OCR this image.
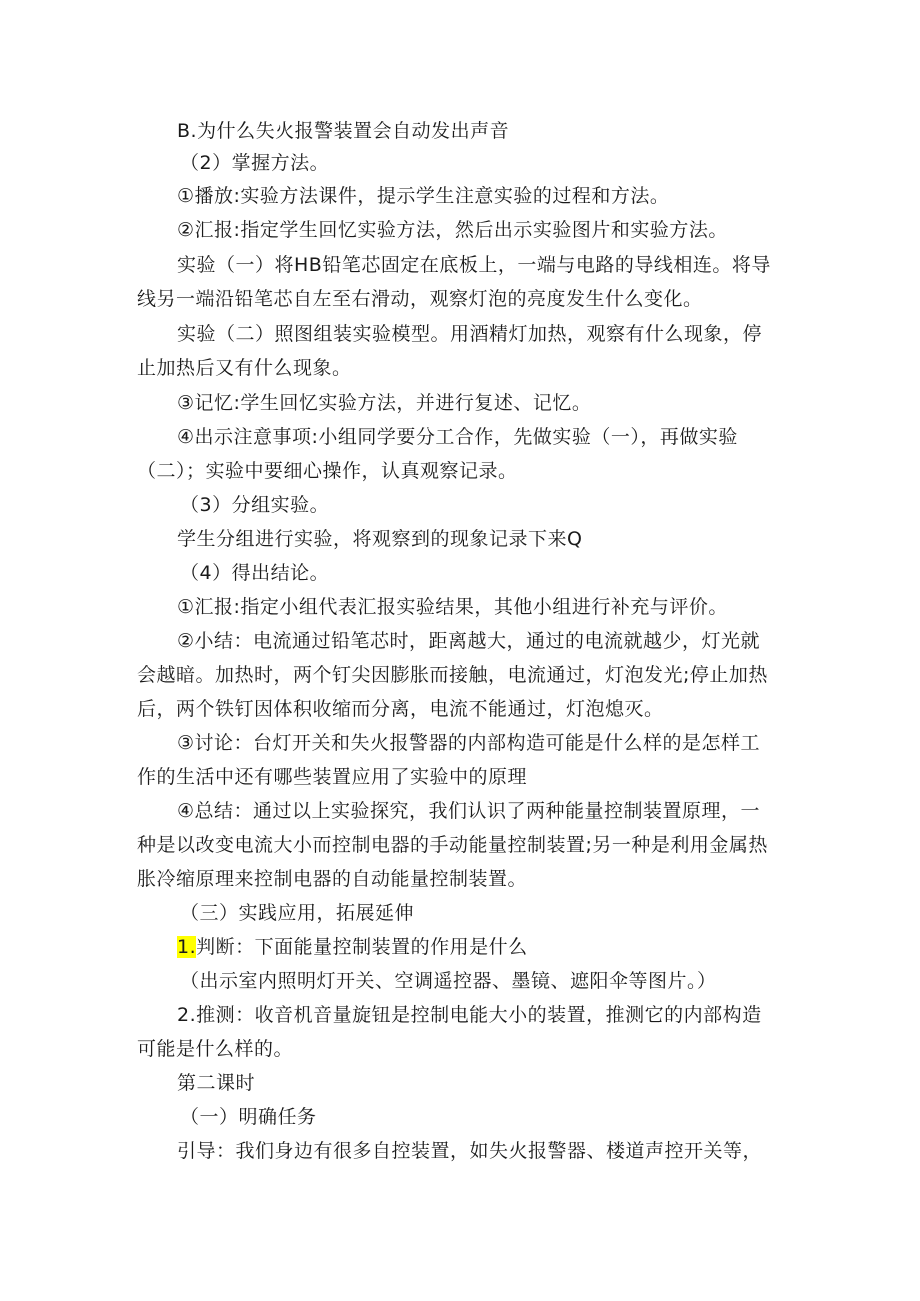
B.为什么失火报警装置会自动发出声音
（2）掌握方法。
①播放:实验方法课件，提示学生注意实验的过程和方法。
②汇报:指定学生回忆实验方法，然后出示实验图片和实验方法。
实验（一）将HB铅笔芯固定在底板上，一端与电路的导线相连。将导
线另一端沿铅笔芯自左至右滑动，观察灯泡的亮度发生什么变化。
实验（二）照图组装实验模型。用酒精灯加热，观察有什么现象，停
止加热后又有什么现象。
③记忆:学生回忆实验方法，并进行复述、记忆。
④出示注意事项:小组同学要分工合作，先做实验（一），再做实验
（二）；实验中要细心操作，认真观察记录。
（3）分组实验。
学生分组进行实验，将观察到的现象记录下来Q
（4）得出结论。
①汇报:指定小组代表汇报实验结果，其他小组进行补充与评价。
②小结：电流通过铅笔芯时，距离越大，通过的电流就越少，灯光就
会越暗。加热时，两个钉尖因膨胀而接触，电流通过，灯泡发光;停止加热
后，两个铁钉因体积收缩而分离，电流不能通过，灯泡熄灭。
③讨论：台灯开关和失火报警器的内部构造可能是什么样的是怎样工
作的生活中还有哪些装置应用了实验中的原理
④总结：通过以上实验探究，我们认识了两种能量控制装置原理，一
种是以改变电流大小而控制电器的手动能量控制装置;另一种是利用金属热
胀冷缩原理来控制电器的自动能量控制装置。
（三）实践应用，拓展延伸
1.判断：下面能量控制装置的作用是什么
（出示室内照明灯开关、空调遥控器、墨镜、遮阳伞等图片。）
2.推测：收音机音量旋钮是控制电能大小的装置，推测它的内部构造
可能是什么样的。
第二课时
（一）明确任务
引导：我们身边有很多自控装置，如失火报警器、楼道声控开关等，
